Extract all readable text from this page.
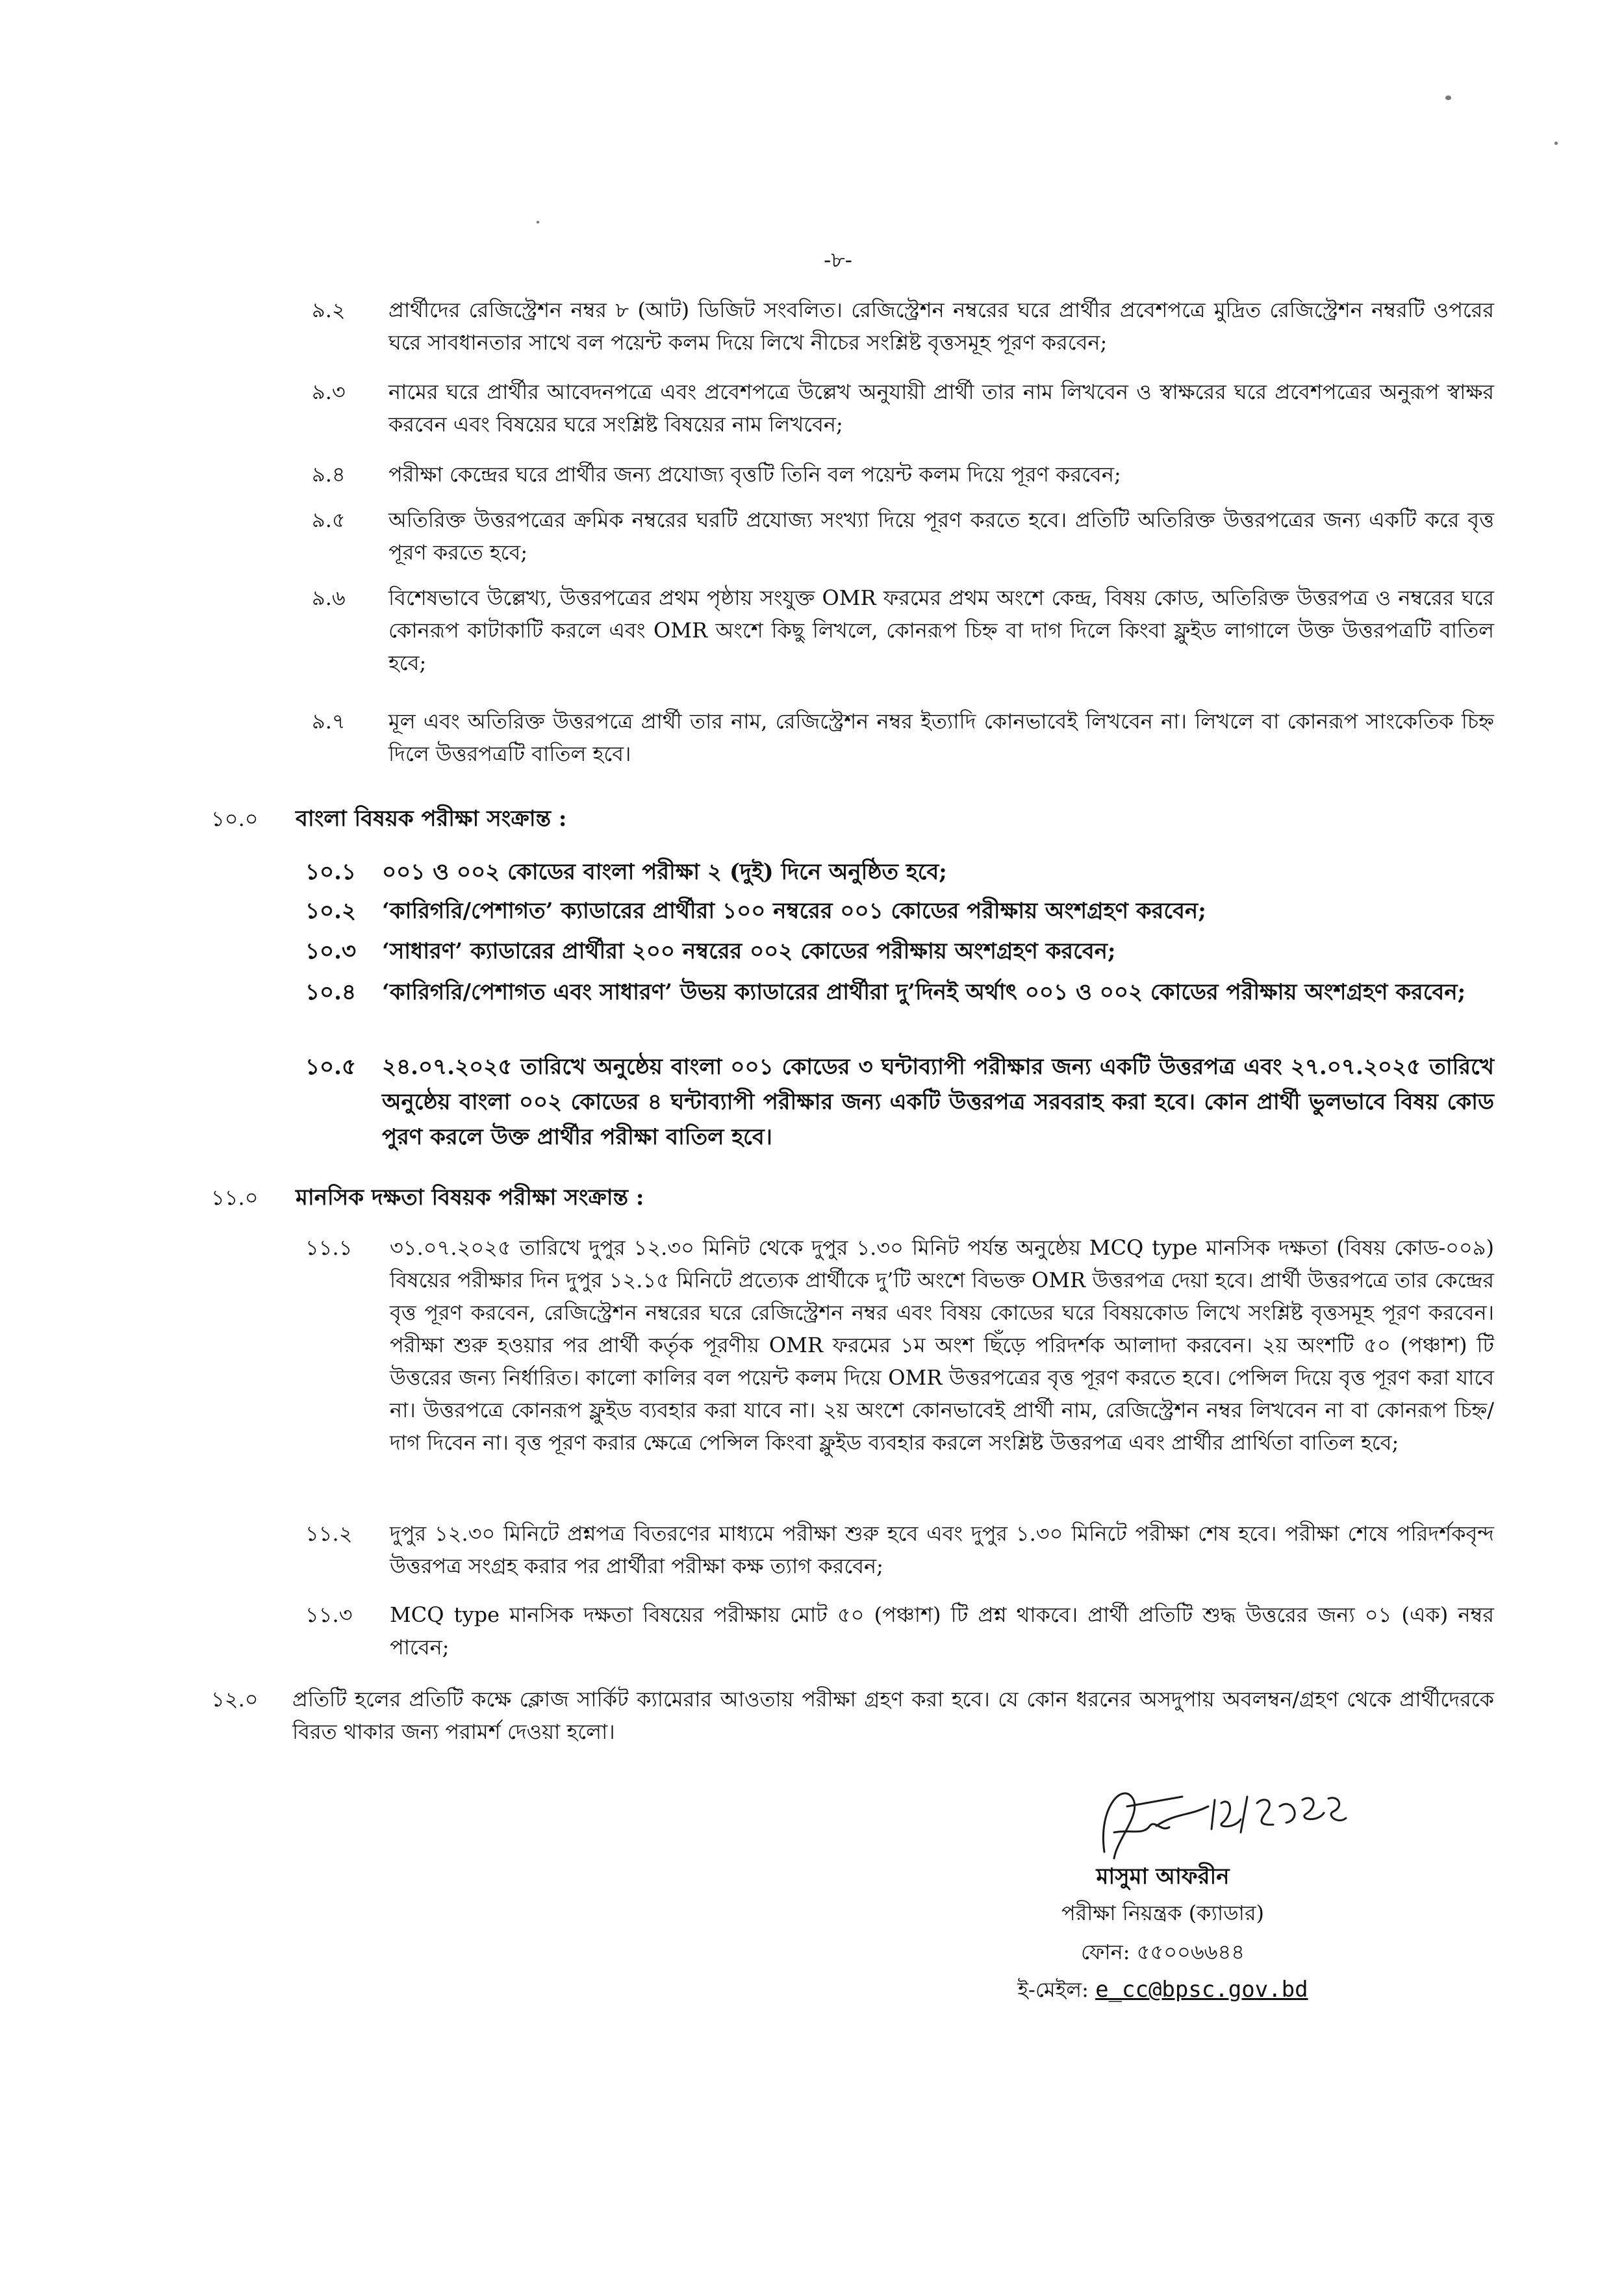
-৮-
৯.২ প্রার্থীদের রেজিস্ট্রেশন নম্বর ৮ (আট) ডিজিট সংবলিত। রেজিস্ট্রেশন নম্বরের ঘরে প্রার্থীর প্রবেশপত্রে মুদ্রিত রেজিস্ট্রেশন নম্বরটি ওপরের ঘরে সাবধানতার সাথে বল পয়েন্ট কলম দিয়ে লিখে নীচের সংশ্লিষ্ট বৃত্তসমূহ পূরণ করবেন;
৯.৩ নামের ঘরে প্রার্থীর আবেদনপত্রে এবং প্রবেশপত্রে উল্লেখ অনুযায়ী প্রার্থী তার নাম লিখবেন ও স্বাক্ষরের ঘরে প্রবেশপত্রের অনুরূপ স্বাক্ষর করবেন এবং বিষয়ের ঘরে সংশ্লিষ্ট বিষয়ের নাম লিখবেন;
৯.৪ পরীক্ষা কেন্দ্রের ঘরে প্রার্থীর জন্য প্রযোজ্য বৃত্তটি তিনি বল পয়েন্ট কলম দিয়ে পূরণ করবেন;
৯.৫ অতিরিক্ত উত্তরপত্রের ক্রমিক নম্বরের ঘরটি প্রযোজ্য সংখ্যা দিয়ে পূরণ করতে হবে। প্রতিটি অতিরিক্ত উত্তরপত্রের জন্য একটি করে বৃত্ত পূরণ করতে হবে;
৯.৬ বিশেষভাবে উল্লেখ্য, উত্তরপত্রের প্রথম পৃষ্ঠায় সংযুক্ত OMR ফরমের প্রথম অংশে কেন্দ্র, বিষয় কোড, অতিরিক্ত উত্তরপত্র ও নম্বরের ঘরে কোনরূপ কাটাকাটি করলে এবং OMR অংশে কিছু লিখলে, কোনরূপ চিহ্ন বা দাগ দিলে কিংবা ফ্লুইড লাগালে উক্ত উত্তরপত্রটি বাতিল হবে;
৯.৭ মূল এবং অতিরিক্ত উত্তরপত্রে প্রার্থী তার নাম, রেজিস্ট্রেশন নম্বর ইত্যাদি কোনভাবেই লিখবেন না। লিখলে বা কোনরূপ সাংকেতিক চিহ্ন দিলে উত্তরপত্রটি বাতিল হবে।
১০.০ বাংলা বিষয়ক পরীক্ষা সংক্রান্ত :
১০.১ ০০১ ও ০০২ কোডের বাংলা পরীক্ষা ২ (দুই) দিনে অনুষ্ঠিত হবে;
১০.২ ‘কারিগরি/পেশাগত’ ক্যাডারের প্রার্থীরা ১০০ নম্বরের ০০১ কোডের পরীক্ষায় অংশগ্রহণ করবেন;
১০.৩ ‘সাধারণ’ ক্যাডারের প্রার্থীরা ২০০ নম্বরের ০০২ কোডের পরীক্ষায় অংশগ্রহণ করবেন;
১০.৪ ‘কারিগরি/পেশাগত এবং সাধারণ’ উভয় ক্যাডারের প্রার্থীরা দু’দিনই অর্থাৎ ০০১ ও ০০২ কোডের পরীক্ষায় অংশগ্রহণ করবেন;
১০.৫ ২৪.০৭.২০২৫ তারিখে অনুষ্ঠেয় বাংলা ০০১ কোডের ৩ ঘন্টাব্যাপী পরীক্ষার জন্য একটি উত্তরপত্র এবং ২৭.০৭.২০২৫ তারিখে অনুষ্ঠেয় বাংলা ০০২ কোডের ৪ ঘন্টাব্যাপী পরীক্ষার জন্য একটি উত্তরপত্র সরবরাহ করা হবে। কোন প্রার্থী ভুলভাবে বিষয় কোড পুরণ করলে উক্ত প্রার্থীর পরীক্ষা বাতিল হবে।
১১.০ মানসিক দক্ষতা বিষয়ক পরীক্ষা সংক্রান্ত :
১১.১ ৩১.০৭.২০২৫ তারিখে দুপুর ১২.৩০ মিনিট থেকে দুপুর ১.৩০ মিনিট পর্যন্ত অনুষ্ঠেয় MCQ type মানসিক দক্ষতা (বিষয় কোড-০০৯) বিষয়ের পরীক্ষার দিন দুপুর ১২.১৫ মিনিটে প্রত্যেক প্রার্থীকে দু’টি অংশে বিভক্ত OMR উত্তরপত্র দেয়া হবে। প্রার্থী উত্তরপত্রে তার কেন্দ্রের বৃত্ত পূরণ করবেন, রেজিস্ট্রেশন নম্বরের ঘরে রেজিস্ট্রেশন নম্বর এবং বিষয় কোডের ঘরে বিষয়কোড লিখে সংশ্লিষ্ট বৃত্তসমূহ পূরণ করবেন। পরীক্ষা শুরু হওয়ার পর প্রার্থী কর্তৃক পূরণীয় OMR ফরমের ১ম অংশ ছিঁড়ে পরিদর্শক আলাদা করবেন। ২য় অংশটি ৫০ (পঞ্চাশ) টি উত্তরের জন্য নির্ধারিত। কালো কালির বল পয়েন্ট কলম দিয়ে OMR উত্তরপত্রের বৃত্ত পূরণ করতে হবে। পেন্সিল দিয়ে বৃত্ত পূরণ করা যাবে না। উত্তরপত্রে কোনরূপ ফ্লুইড ব্যবহার করা যাবে না। ২য় অংশে কোনভাবেই প্রার্থী নাম, রেজিস্ট্রেশন নম্বর লিখবেন না বা কোনরূপ চিহ্ন/দাগ দিবেন না। বৃত্ত পূরণ করার ক্ষেত্রে পেন্সিল কিংবা ফ্লুইড ব্যবহার করলে সংশ্লিষ্ট উত্তরপত্র এবং প্রার্থীর প্রার্থিতা বাতিল হবে;
১১.২ দুপুর ১২.৩০ মিনিটে প্রশ্নপত্র বিতরণের মাধ্যমে পরীক্ষা শুরু হবে এবং দুপুর ১.৩০ মিনিটে পরীক্ষা শেষ হবে। পরীক্ষা শেষে পরিদর্শকবৃন্দ উত্তরপত্র সংগ্রহ করার পর প্রার্থীরা পরীক্ষা কক্ষ ত্যাগ করবেন;
১১.৩ MCQ type মানসিক দক্ষতা বিষয়ের পরীক্ষায় মোট ৫০ (পঞ্চাশ) টি প্রশ্ন থাকবে। প্রার্থী প্রতিটি শুদ্ধ উত্তরের জন্য ০১ (এক) নম্বর পাবেন;
১২.০ প্রতিটি হলের প্রতিটি কক্ষে ক্লোজ সার্কিট ক্যামেরার আওতায় পরীক্ষা গ্রহণ করা হবে। যে কোন ধরনের অসদুপায় অবলম্বন/গ্রহণ থেকে প্রার্থীদেরকে বিরত থাকার জন্য পরামর্শ দেওয়া হলো।
মাসুমা আফরীন
পরীক্ষা নিয়ন্ত্রক (ক্যাডার)
ফোন: ৫৫০০৬৬৪৪
ই-মেইল: e_cc@bpsc.gov.bd
